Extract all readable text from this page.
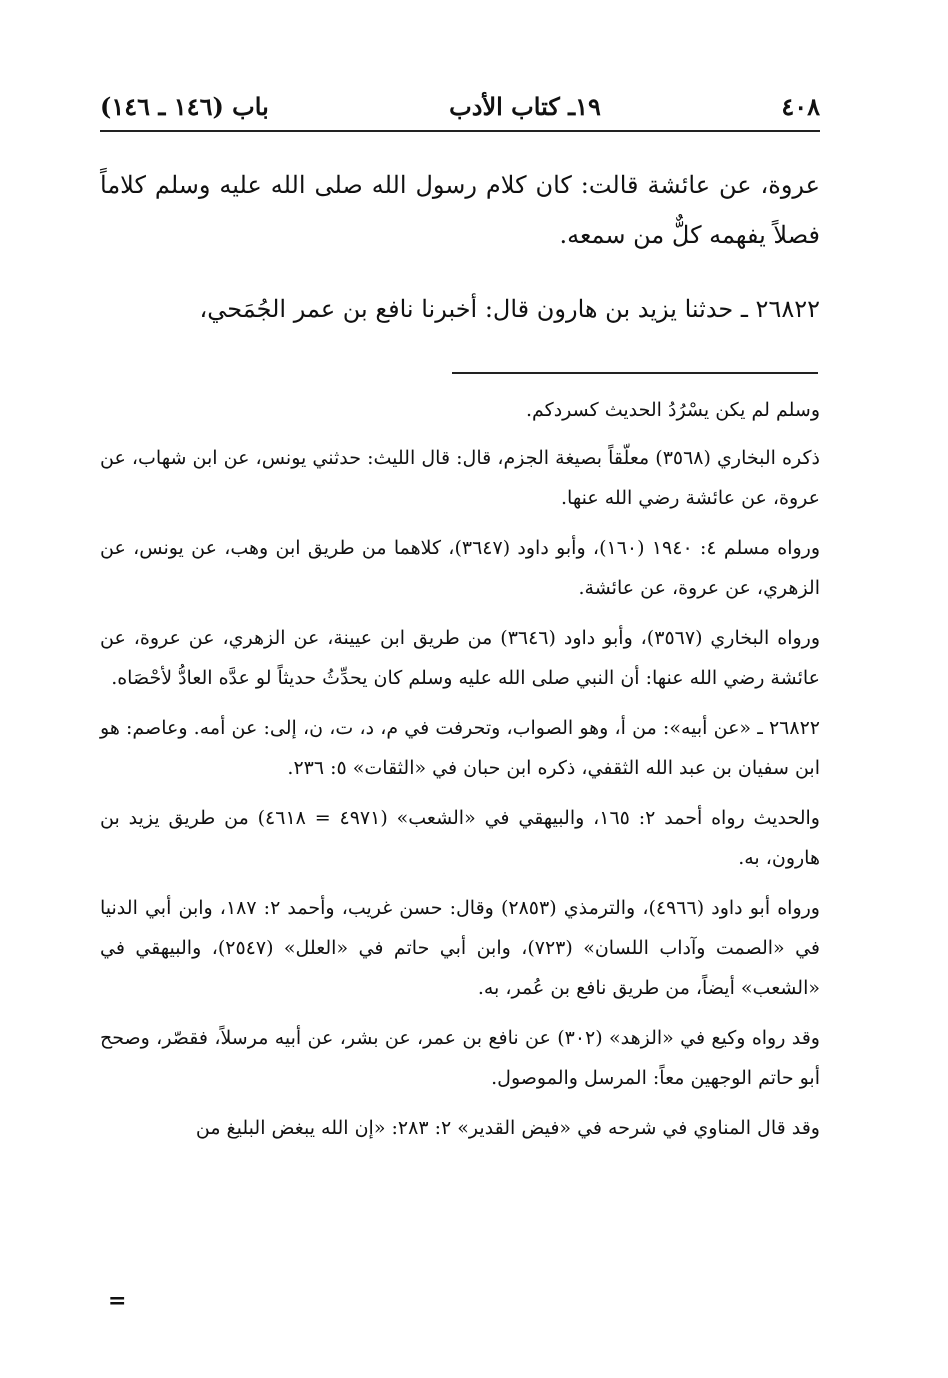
٤٠٨
١٩ـ كتاب الأدب
باب (١٤٦ ـ ١٤٦)

عروة، عن عائشة قالت: كان كلام رسول الله صلى الله عليه وسلم كلاماً فصلاً يفهمه كلٌّ من سمعه.

٢٦٨٢٢ ـ حدثنا يزيد بن هارون قال: أخبرنا نافع بن عمر الجُمَحي،

وسلم لم يكن يسْرُدُ الحديث كسردكم.

ذكره البخاري (٣٥٦٨) معلّقاً بصيغة الجزم، قال: قال الليث: حدثني يونس، عن ابن شهاب، عن عروة، عن عائشة رضي الله عنها.

ورواه مسلم ٤: ١٩٤٠ (١٦٠)، وأبو داود (٣٦٤٧)، كلاهما من طريق ابن وهب، عن يونس، عن الزهري، عن عروة، عن عائشة.

ورواه البخاري (٣٥٦٧)، وأبو داود (٣٦٤٦) من طريق ابن عيينة، عن الزهري، عن عروة، عن عائشة رضي الله عنها: أن النبي صلى الله عليه وسلم كان يحدِّثُ حديثاً لو عدَّه العادُّ لأحْصَاه.

٢٦٨٢٢ ـ «عن أبيه»: من أ، وهو الصواب، وتحرفت في م، د، ت، ن، إلى: عن أمه. وعاصم: هو ابن سفيان بن عبد الله الثقفي، ذكره ابن حبان في «الثقات» ٥: ٢٣٦.

والحديث رواه أحمد ٢: ١٦٥، والبيهقي في «الشعب» (٤٩٧١ = ٤٦١٨) من طريق يزيد بن هارون، به.

ورواه أبو داود (٤٩٦٦)، والترمذي (٢٨٥٣) وقال: حسن غريب، وأحمد ٢: ١٨٧، وابن أبي الدنيا في «الصمت وآداب اللسان» (٧٢٣)، وابن أبي حاتم في «العلل» (٢٥٤٧)، والبيهقي في «الشعب» أيضاً، من طريق نافع بن عُمر، به.

وقد رواه وكيع في «الزهد» (٣٠٢) عن نافع بن عمر، عن بشر، عن أبيه مرسلاً، فقصّر، وصحح أبو حاتم الوجهين معاً: المرسل والموصول.

وقد قال المناوي في شرحه في «فيض القدير» ٢: ٢٨٣: «إن الله يبغض البليغ من

=
